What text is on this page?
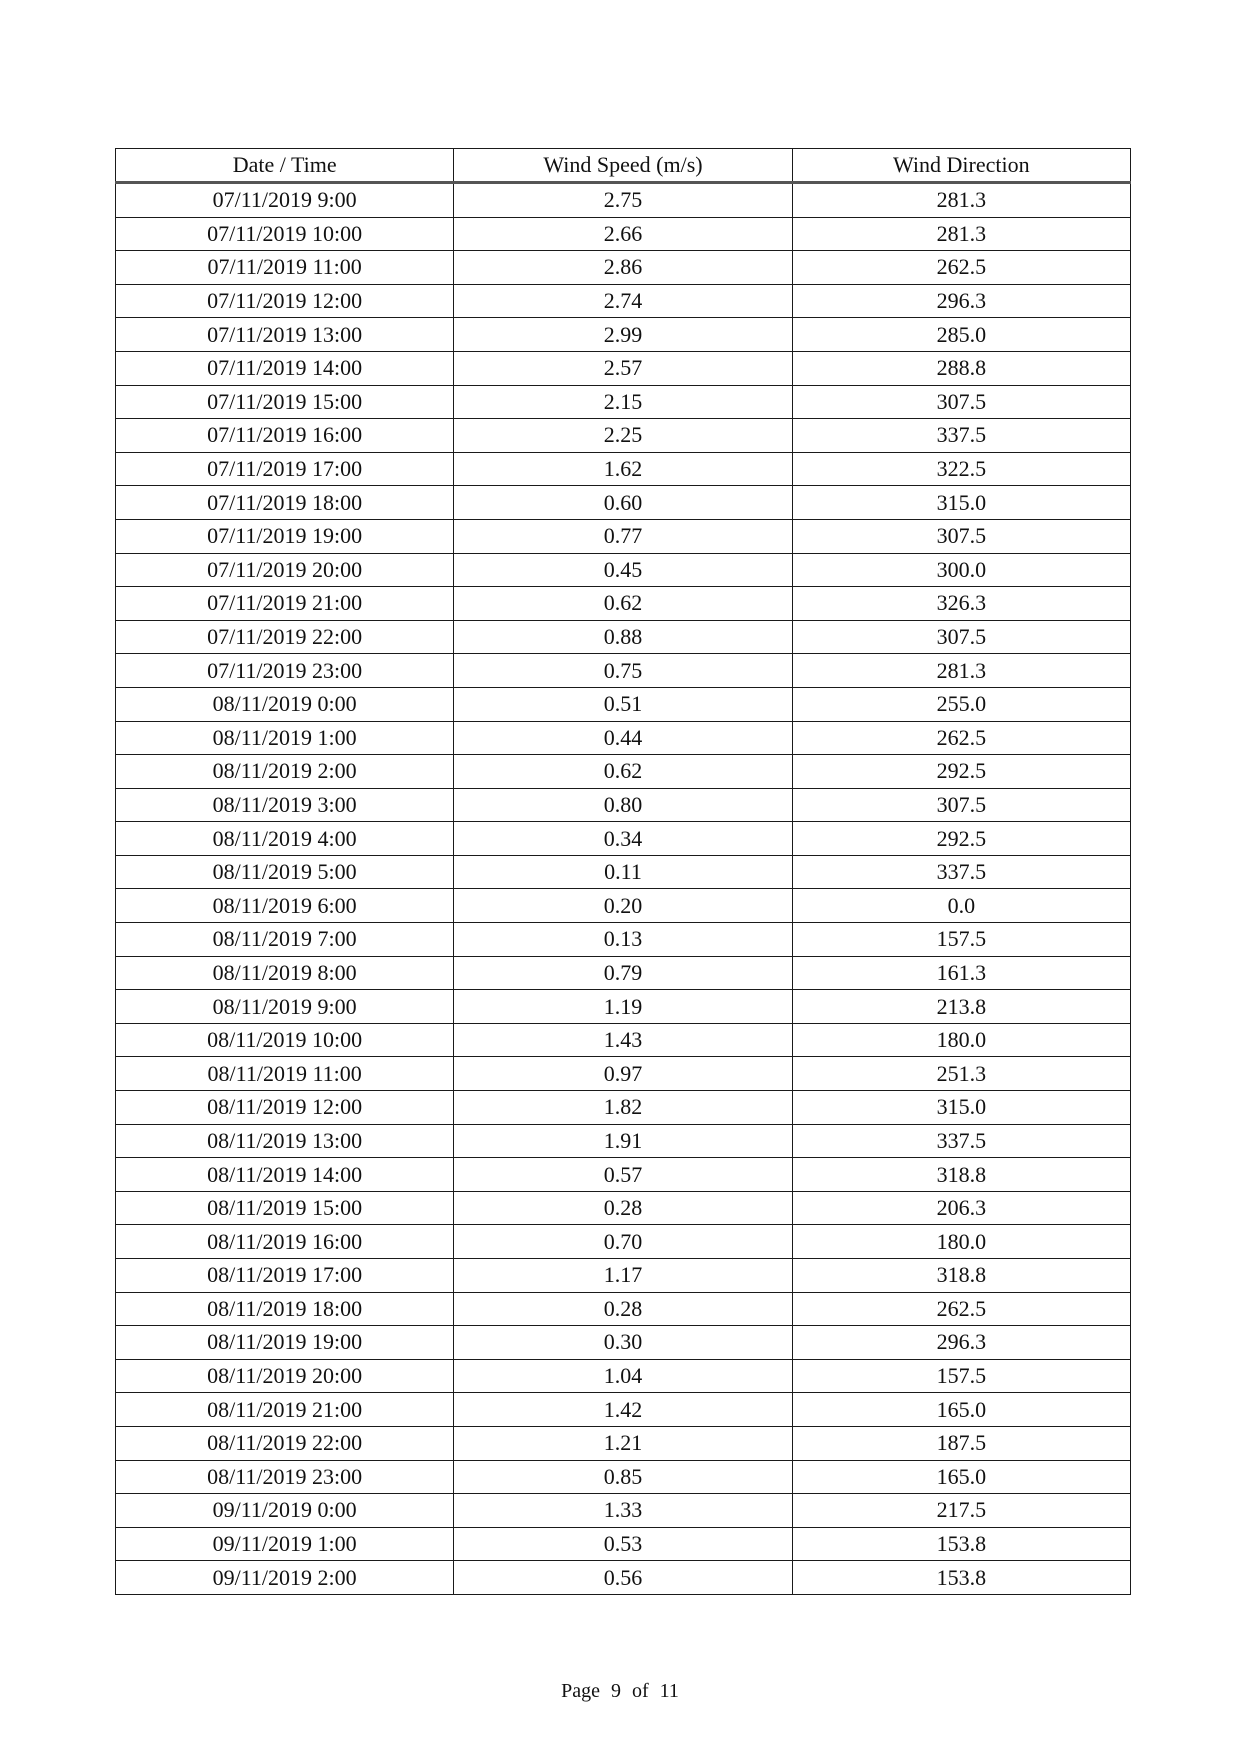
Date / Time	Wind Speed (m/s)	Wind Direction
07/11/2019 9:00	2.75	281.3
07/11/2019 10:00	2.66	281.3
07/11/2019 11:00	2.86	262.5
07/11/2019 12:00	2.74	296.3
07/11/2019 13:00	2.99	285.0
07/11/2019 14:00	2.57	288.8
07/11/2019 15:00	2.15	307.5
07/11/2019 16:00	2.25	337.5
07/11/2019 17:00	1.62	322.5
07/11/2019 18:00	0.60	315.0
07/11/2019 19:00	0.77	307.5
07/11/2019 20:00	0.45	300.0
07/11/2019 21:00	0.62	326.3
07/11/2019 22:00	0.88	307.5
07/11/2019 23:00	0.75	281.3
08/11/2019 0:00	0.51	255.0
08/11/2019 1:00	0.44	262.5
08/11/2019 2:00	0.62	292.5
08/11/2019 3:00	0.80	307.5
08/11/2019 4:00	0.34	292.5
08/11/2019 5:00	0.11	337.5
08/11/2019 6:00	0.20	0.0
08/11/2019 7:00	0.13	157.5
08/11/2019 8:00	0.79	161.3
08/11/2019 9:00	1.19	213.8
08/11/2019 10:00	1.43	180.0
08/11/2019 11:00	0.97	251.3
08/11/2019 12:00	1.82	315.0
08/11/2019 13:00	1.91	337.5
08/11/2019 14:00	0.57	318.8
08/11/2019 15:00	0.28	206.3
08/11/2019 16:00	0.70	180.0
08/11/2019 17:00	1.17	318.8
08/11/2019 18:00	0.28	262.5
08/11/2019 19:00	0.30	296.3
08/11/2019 20:00	1.04	157.5
08/11/2019 21:00	1.42	165.0
08/11/2019 22:00	1.21	187.5
08/11/2019 23:00	0.85	165.0
09/11/2019 0:00	1.33	217.5
09/11/2019 1:00	0.53	153.8
09/11/2019 2:00	0.56	153.8
Page 9 of 11
